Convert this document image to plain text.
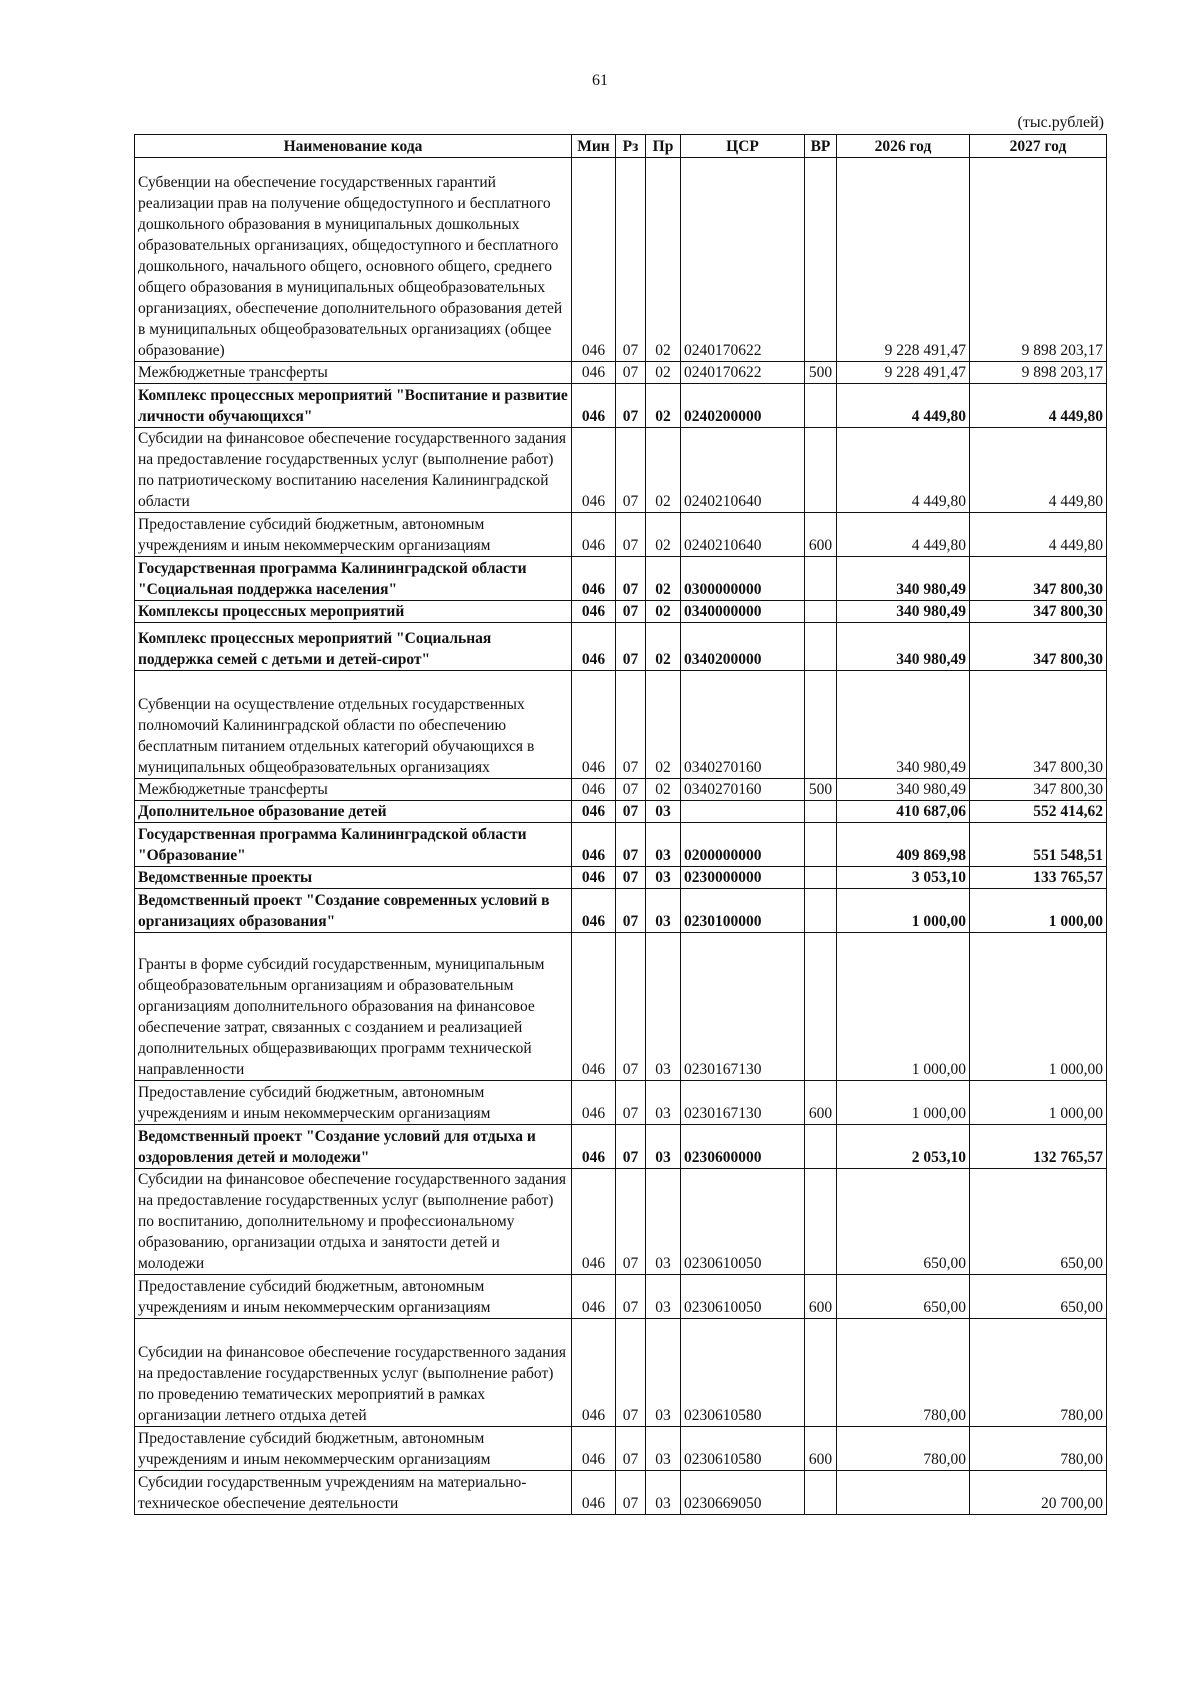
61
(тыс.рублей)
Наименование кода	Мин	Рз	Пр	ЦСР	ВР	2026 год	2027 год
Субвенции на обеспечение государственных гарантий реализации прав на получение общедоступного и бесплатного дошкольного образования в муниципальных дошкольных образовательных организациях, общедоступного и бесплатного дошкольного, начального общего, основного общего, среднего общего образования в муниципальных общеобразовательных организациях, обеспечение дополнительного образования детей в муниципальных общеобразовательных организациях (общее образование)	046	07	02	0240170622		9 228 491,47	9 898 203,17
Межбюджетные трансферты	046	07	02	0240170622	500	9 228 491,47	9 898 203,17
Комплекс процессных мероприятий "Воспитание и развитие личности обучающихся"	046	07	02	0240200000		4 449,80	4 449,80
Субсидии на финансовое обеспечение государственного задания на предоставление государственных услуг (выполнение работ) по патриотическому воспитанию населения Калининградской области	046	07	02	0240210640		4 449,80	4 449,80
Предоставление субсидий бюджетным, автономным учреждениям и иным некоммерческим организациям	046	07	02	0240210640	600	4 449,80	4 449,80
Государственная программа Калининградской области "Социальная поддержка населения"	046	07	02	0300000000		340 980,49	347 800,30
Комплексы процессных мероприятий	046	07	02	0340000000		340 980,49	347 800,30
Комплекс процессных мероприятий "Социальная поддержка семей с детьми и детей-сирот"	046	07	02	0340200000		340 980,49	347 800,30
Субвенции на осуществление отдельных государственных полномочий Калининградской области по обеспечению бесплатным питанием отдельных категорий обучающихся в муниципальных общеобразовательных организациях	046	07	02	0340270160		340 980,49	347 800,30
Межбюджетные трансферты	046	07	02	0340270160	500	340 980,49	347 800,30
Дополнительное образование детей	046	07	03			410 687,06	552 414,62
Государственная программа Калининградской области "Образование"	046	07	03	0200000000		409 869,98	551 548,51
Ведомственные проекты	046	07	03	0230000000		3 053,10	133 765,57
Ведомственный проект "Создание современных условий в организациях образования"	046	07	03	0230100000		1 000,00	1 000,00
Гранты в форме субсидий государственным, муниципальным общеобразовательным организациям и образовательным организациям дополнительного образования на финансовое обеспечение затрат, связанных с созданием и реализацией дополнительных общеразвивающих программ технической направленности	046	07	03	0230167130		1 000,00	1 000,00
Предоставление субсидий бюджетным, автономным учреждениям и иным некоммерческим организациям	046	07	03	0230167130	600	1 000,00	1 000,00
Ведомственный проект "Создание условий для отдыха и оздоровления детей и молодежи"	046	07	03	0230600000		2 053,10	132 765,57
Субсидии на финансовое обеспечение государственного задания на предоставление государственных услуг (выполнение работ) по воспитанию, дополнительному и профессиональному образованию, организации отдыха и занятости детей и молодежи	046	07	03	0230610050		650,00	650,00
Предоставление субсидий бюджетным, автономным учреждениям и иным некоммерческим организациям	046	07	03	0230610050	600	650,00	650,00
Субсидии на финансовое обеспечение государственного задания на предоставление государственных услуг (выполнение работ) по проведению тематических мероприятий в рамках организации летнего отдыха детей	046	07	03	0230610580		780,00	780,00
Предоставление субсидий бюджетным, автономным учреждениям и иным некоммерческим организациям	046	07	03	0230610580	600	780,00	780,00
Субсидии государственным учреждениям на материально-техническое обеспечение деятельности	046	07	03	0230669050			20 700,00
